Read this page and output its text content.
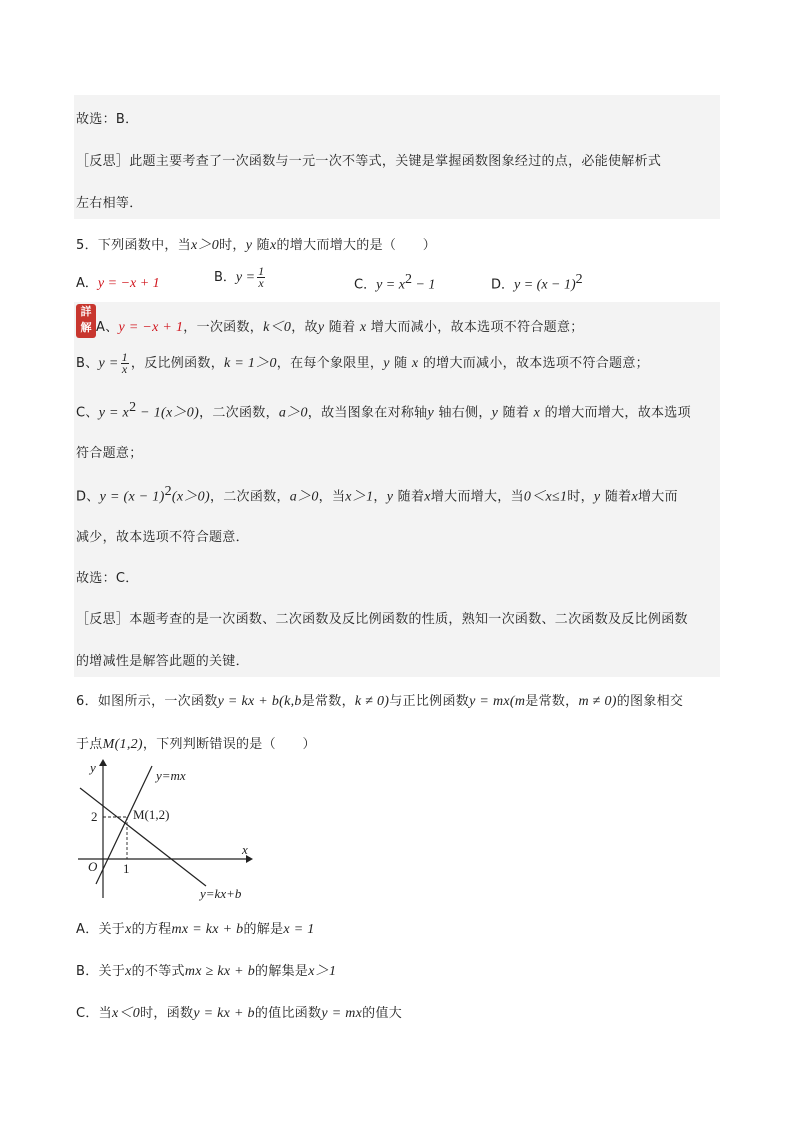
故选：B．
［反思］此题主要考查了一次函数与一元一次不等式，关键是掌握函数图象经过的点，必能使解析式
左右相等．
5．下列函数中，当x＞0时，y 随x的增大而增大的是（　　）
A．y = −x + 1	B．$y = \frac{1}{x}$	C．$y = x^2 - 1$	D．$y = (x - 1)^2$
詳解 A、y = −x + 1，一次函数，k＜0，故y 随着 x 增大而减小，故本选项不符合题意；
B、$y = \frac{1}{x}$ ，反比例函数，k = 1＞0，在每个象限里，y 随 x 的增大而减小，故本选项不符合题意；
C、$y = x^2 - 1(x>0)$，二次函数，a＞0，故当图象在对称轴y 轴右侧，y 随着 x 的增大而增大，故本选项
符合题意；
D、$y = (x - 1)^2(x>0)$，二次函数，a＞0，当x＞1，y 随着x增大而增大，当0＜x≤1时，y 随着x增大而
减少，故本选项不符合题意．
故选：C．
［反思］本题考查的是一次函数、二次函数及反比例函数的性质，熟知一次函数、二次函数及反比例函数
的增减性是解答此题的关键．
6．如图所示，一次函数y = kx + b(k,b是常数，k ≠ 0)与正比例函数y = mx(m是常数，m ≠ 0)的图象相交
于点M(1,2)，下列判断错误的是（　　）
y
x
O 1
2	M(1,2)
y=mx
y=kx+b
A．关于x的方程mx = kx + b的解是x = 1
B．关于x的不等式mx ≥ kx + b的解集是x＞1
C．当x＜0时，函数y = kx + b的值比函数y = mx的值大
